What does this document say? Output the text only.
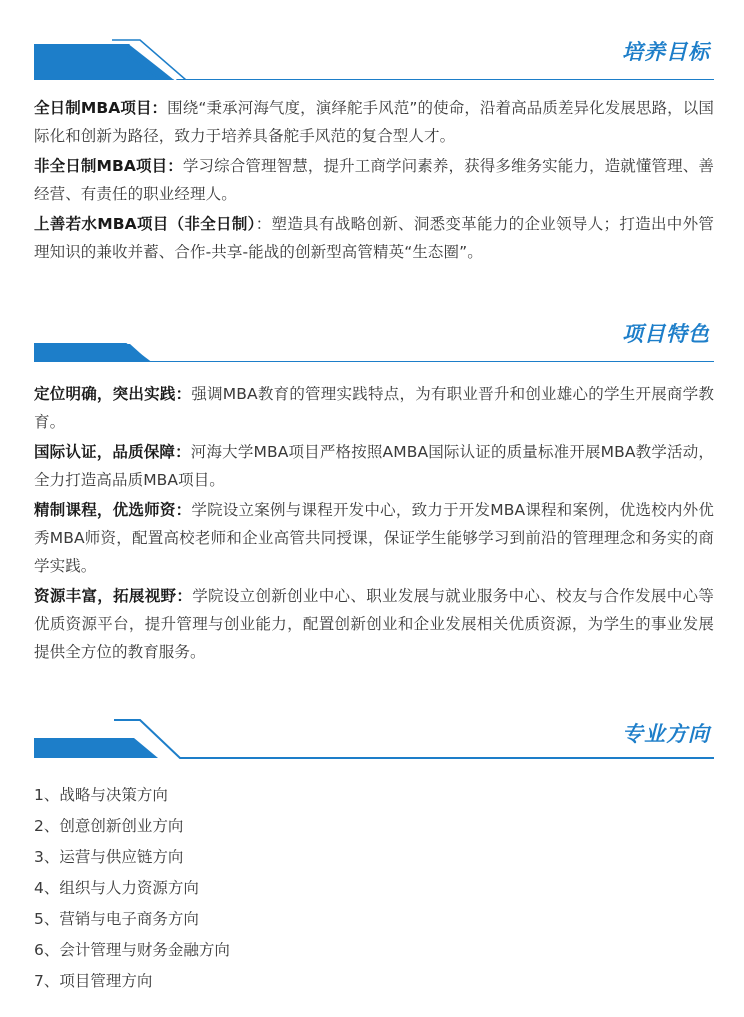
培养目标

全日制MBA项目：围绕“秉承河海气度，演绎舵手风范”的使命，沿着高品质差异化发展思路，以国际化和创新为路径，致力于培养具备舵手风范的复合型人才。

非全日制MBA项目：学习综合管理智慧，提升工商学问素养，获得多维务实能力，造就懂管理、善经营、有责任的职业经理人。

上善若水MBA项目（非全日制）：塑造具有战略创新、洞悉变革能力的企业领导人；打造出中外管理知识的兼收并蓄、合作-共享-能战的创新型高管精英“生态圈”。

项目特色

定位明确，突出实践：强调MBA教育的管理实践特点，为有职业晋升和创业雄心的学生开展商学教育。

国际认证，品质保障：河海大学MBA项目严格按照AMBA国际认证的质量标准开展MBA教学活动，全力打造高品质MBA项目。

精制课程，优选师资：学院设立案例与课程开发中心，致力于开发MBA课程和案例，优选校内外优秀MBA师资，配置高校老师和企业高管共同授课，保证学生能够学习到前沿的管理理念和务实的商学实践。

资源丰富，拓展视野：学院设立创新创业中心、职业发展与就业服务中心、校友与合作发展中心等优质资源平台，提升管理与创业能力，配置创新创业和企业发展相关优质资源，为学生的事业发展提供全方位的教育服务。

专业方向
1、战略与决策方向
2、创意创新创业方向
3、运营与供应链方向
4、组织与人力资源方向
5、营销与电子商务方向
6、会计管理与财务金融方向
7、项目管理方向
